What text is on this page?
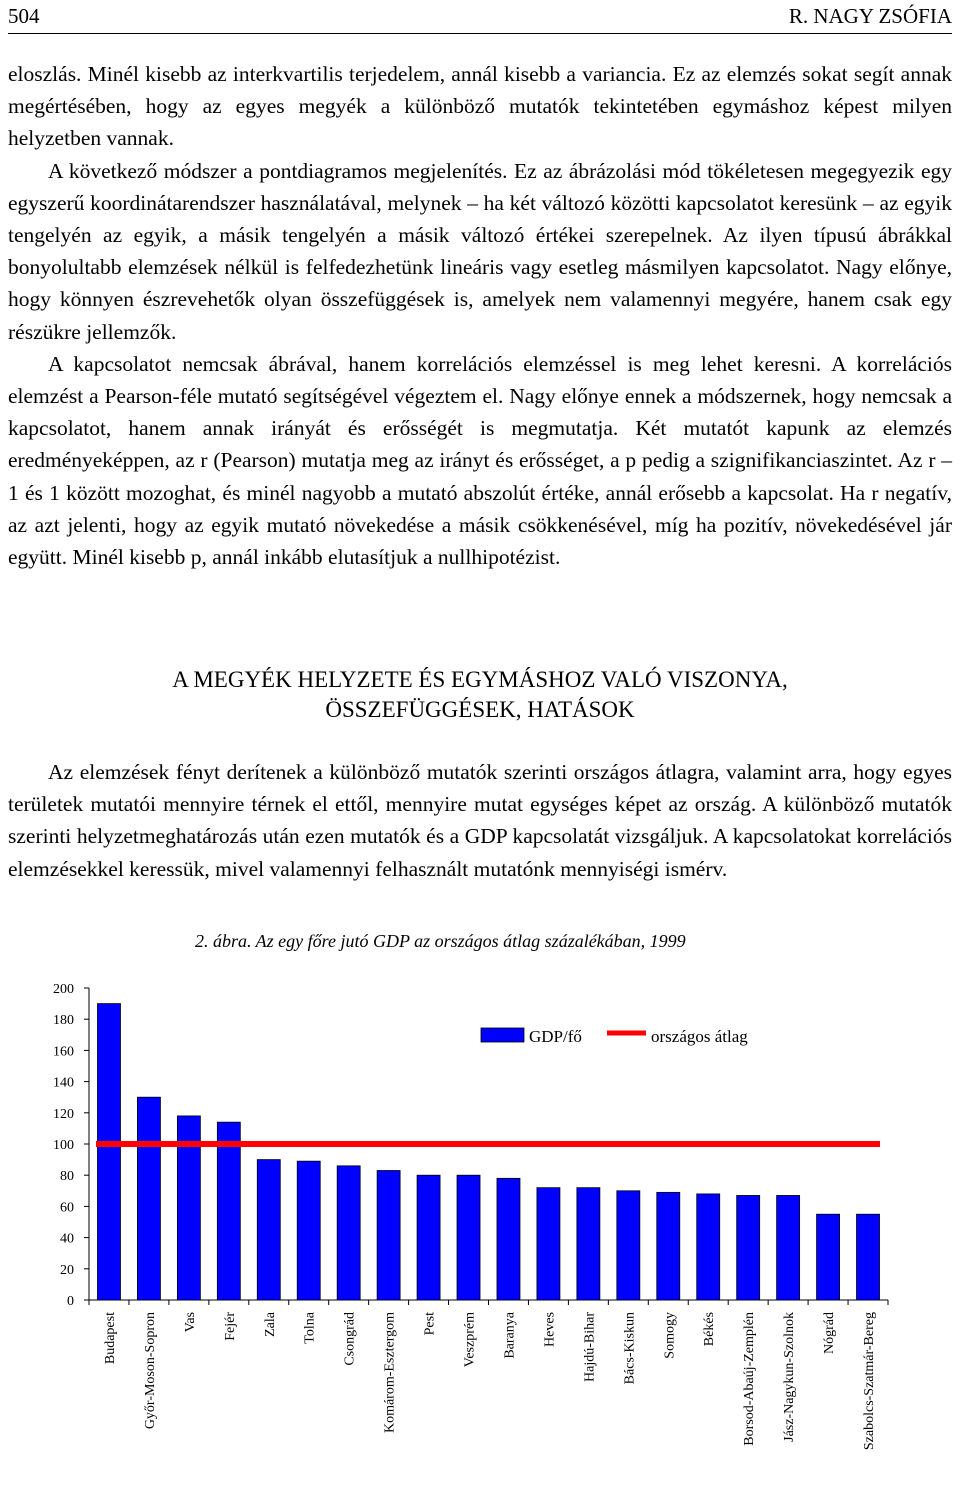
504	R. NAGY ZSÓFIA

eloszlás. Minél kisebb az interkvartilis terjedelem, annál kisebb a variancia. Ez az elemzés sokat segít annak megértésében, hogy az egyes megyék a különböző mutatók tekintetében egymáshoz képest milyen helyzetben vannak.

A következő módszer a pontdiagramos megjelenítés. Ez az ábrázolási mód tökéletesen megegyezik egy egyszerű koordinátarendszer használatával, melynek – ha két változó közötti kapcsolatot keresünk – az egyik tengelyén az egyik, a másik tengelyén a másik változó értékei szerepelnek. Az ilyen típusú ábrákkal bonyolultabb elemzések nélkül is felfedezhetünk lineáris vagy esetleg másmilyen kapcsolatot. Nagy előnye, hogy könnyen észrevehetők olyan összefüggések is, amelyek nem valamennyi megyére, hanem csak egy részükre jellemzők.

A kapcsolatot nemcsak ábrával, hanem korrelációs elemzéssel is meg lehet keresni. A korrelációs elemzést a Pearson-féle mutató segítségével végeztem el. Nagy előnye ennek a módszernek, hogy nemcsak a kapcsolatot, hanem annak irányát és erősségét is megmutatja. Két mutatót kapunk az elemzés eredményeképpen, az r (Pearson) mutatja meg az irányt és erősséget, a p pedig a szignifikanciaszintet. Az r –1 és 1 között mozoghat, és minél nagyobb a mutató abszolút értéke, annál erősebb a kapcsolat. Ha r negatív, az azt jelenti, hogy az egyik mutató növekedése a másik csökkenésével, míg ha pozitív, növekedésével jár együtt. Minél kisebb p, annál inkább elutasítjuk a nullhipotézist.

A MEGYÉK HELYZETE ÉS EGYMÁSHOZ VALÓ VISZONYA,
ÖSSZEFÜGGÉSEK, HATÁSOK

Az elemzések fényt derítenek a különböző mutatók szerinti országos átlagra, valamint arra, hogy egyes területek mutatói mennyire térnek el ettől, mennyire mutat egységes képet az ország. A különböző mutatók szerinti helyzetmeghatározás után ezen mutatók és a GDP kapcsolatát vizsgáljuk. A kapcsolatokat korrelációs elemzésekkel keressük, mivel valamennyi felhasznált mutatónk mennyiségi ismérv.

2. ábra. Az egy főre jutó GDP az országos átlag százalékában, 1999
0
20
40
60
80
100
120
140
160
180
200
Budapest Győr-Moson-Sopron Vas Fejér Zala Tolna Csongrád Komárom-Esztergom Pest Veszprém Baranya Heves Hajdú-Bihar Bács-Kiskun Somogy Békés Borsod-Abaúj-Zemplén Jász-Nagykun-Szolnok Nógrád Szabolcs-Szatmár-Bereg
GDP/fő	országos átlag
